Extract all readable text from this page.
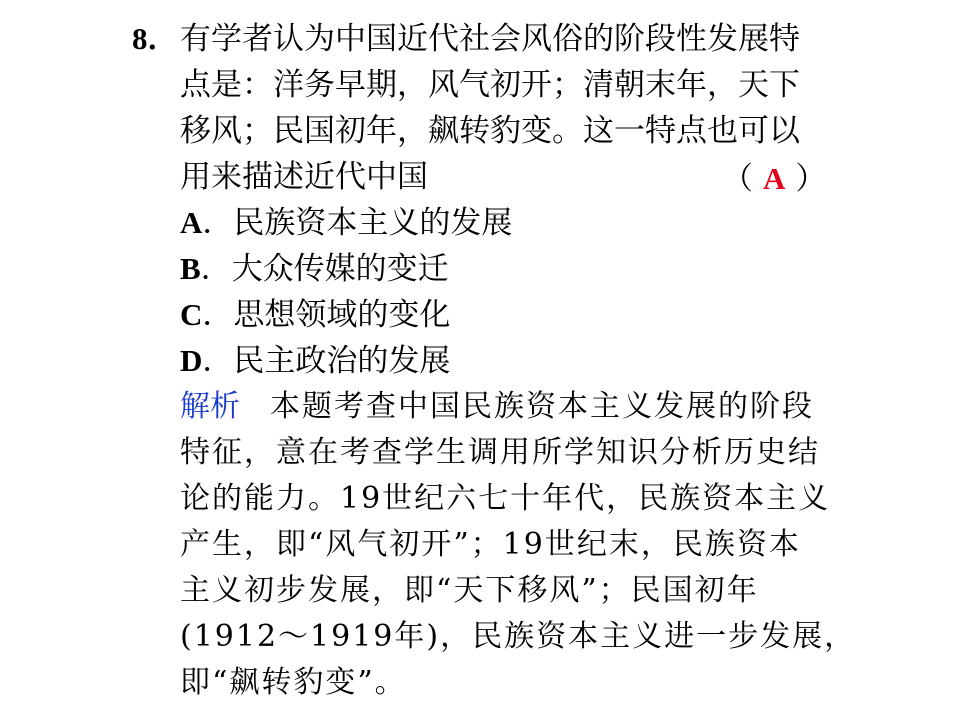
8． 有学者认为中国近代社会风俗的阶段性发展特
点是：洋务早期，风气初开；清朝末年，天下
移风；民国初年，飙转豹变。这一特点也可以
用来描述近代中国	（ A ）
A．民族资本主义的发展
B．大众传媒的变迁
C．思想领域的变化
D．民主政治的发展
解析 本题考查中国民族资本主义发展的阶段
特征，意在考查学生调用所学知识分析历史结
论的能力。19世纪六七十年代，民族资本主义
产生，即“风气初开”；19世纪末，民族资本
主义初步发展，即“天下移风”；民国初年
(1912～1919年)，民族资本主义进一步发展，
即“飙转豹变”。
